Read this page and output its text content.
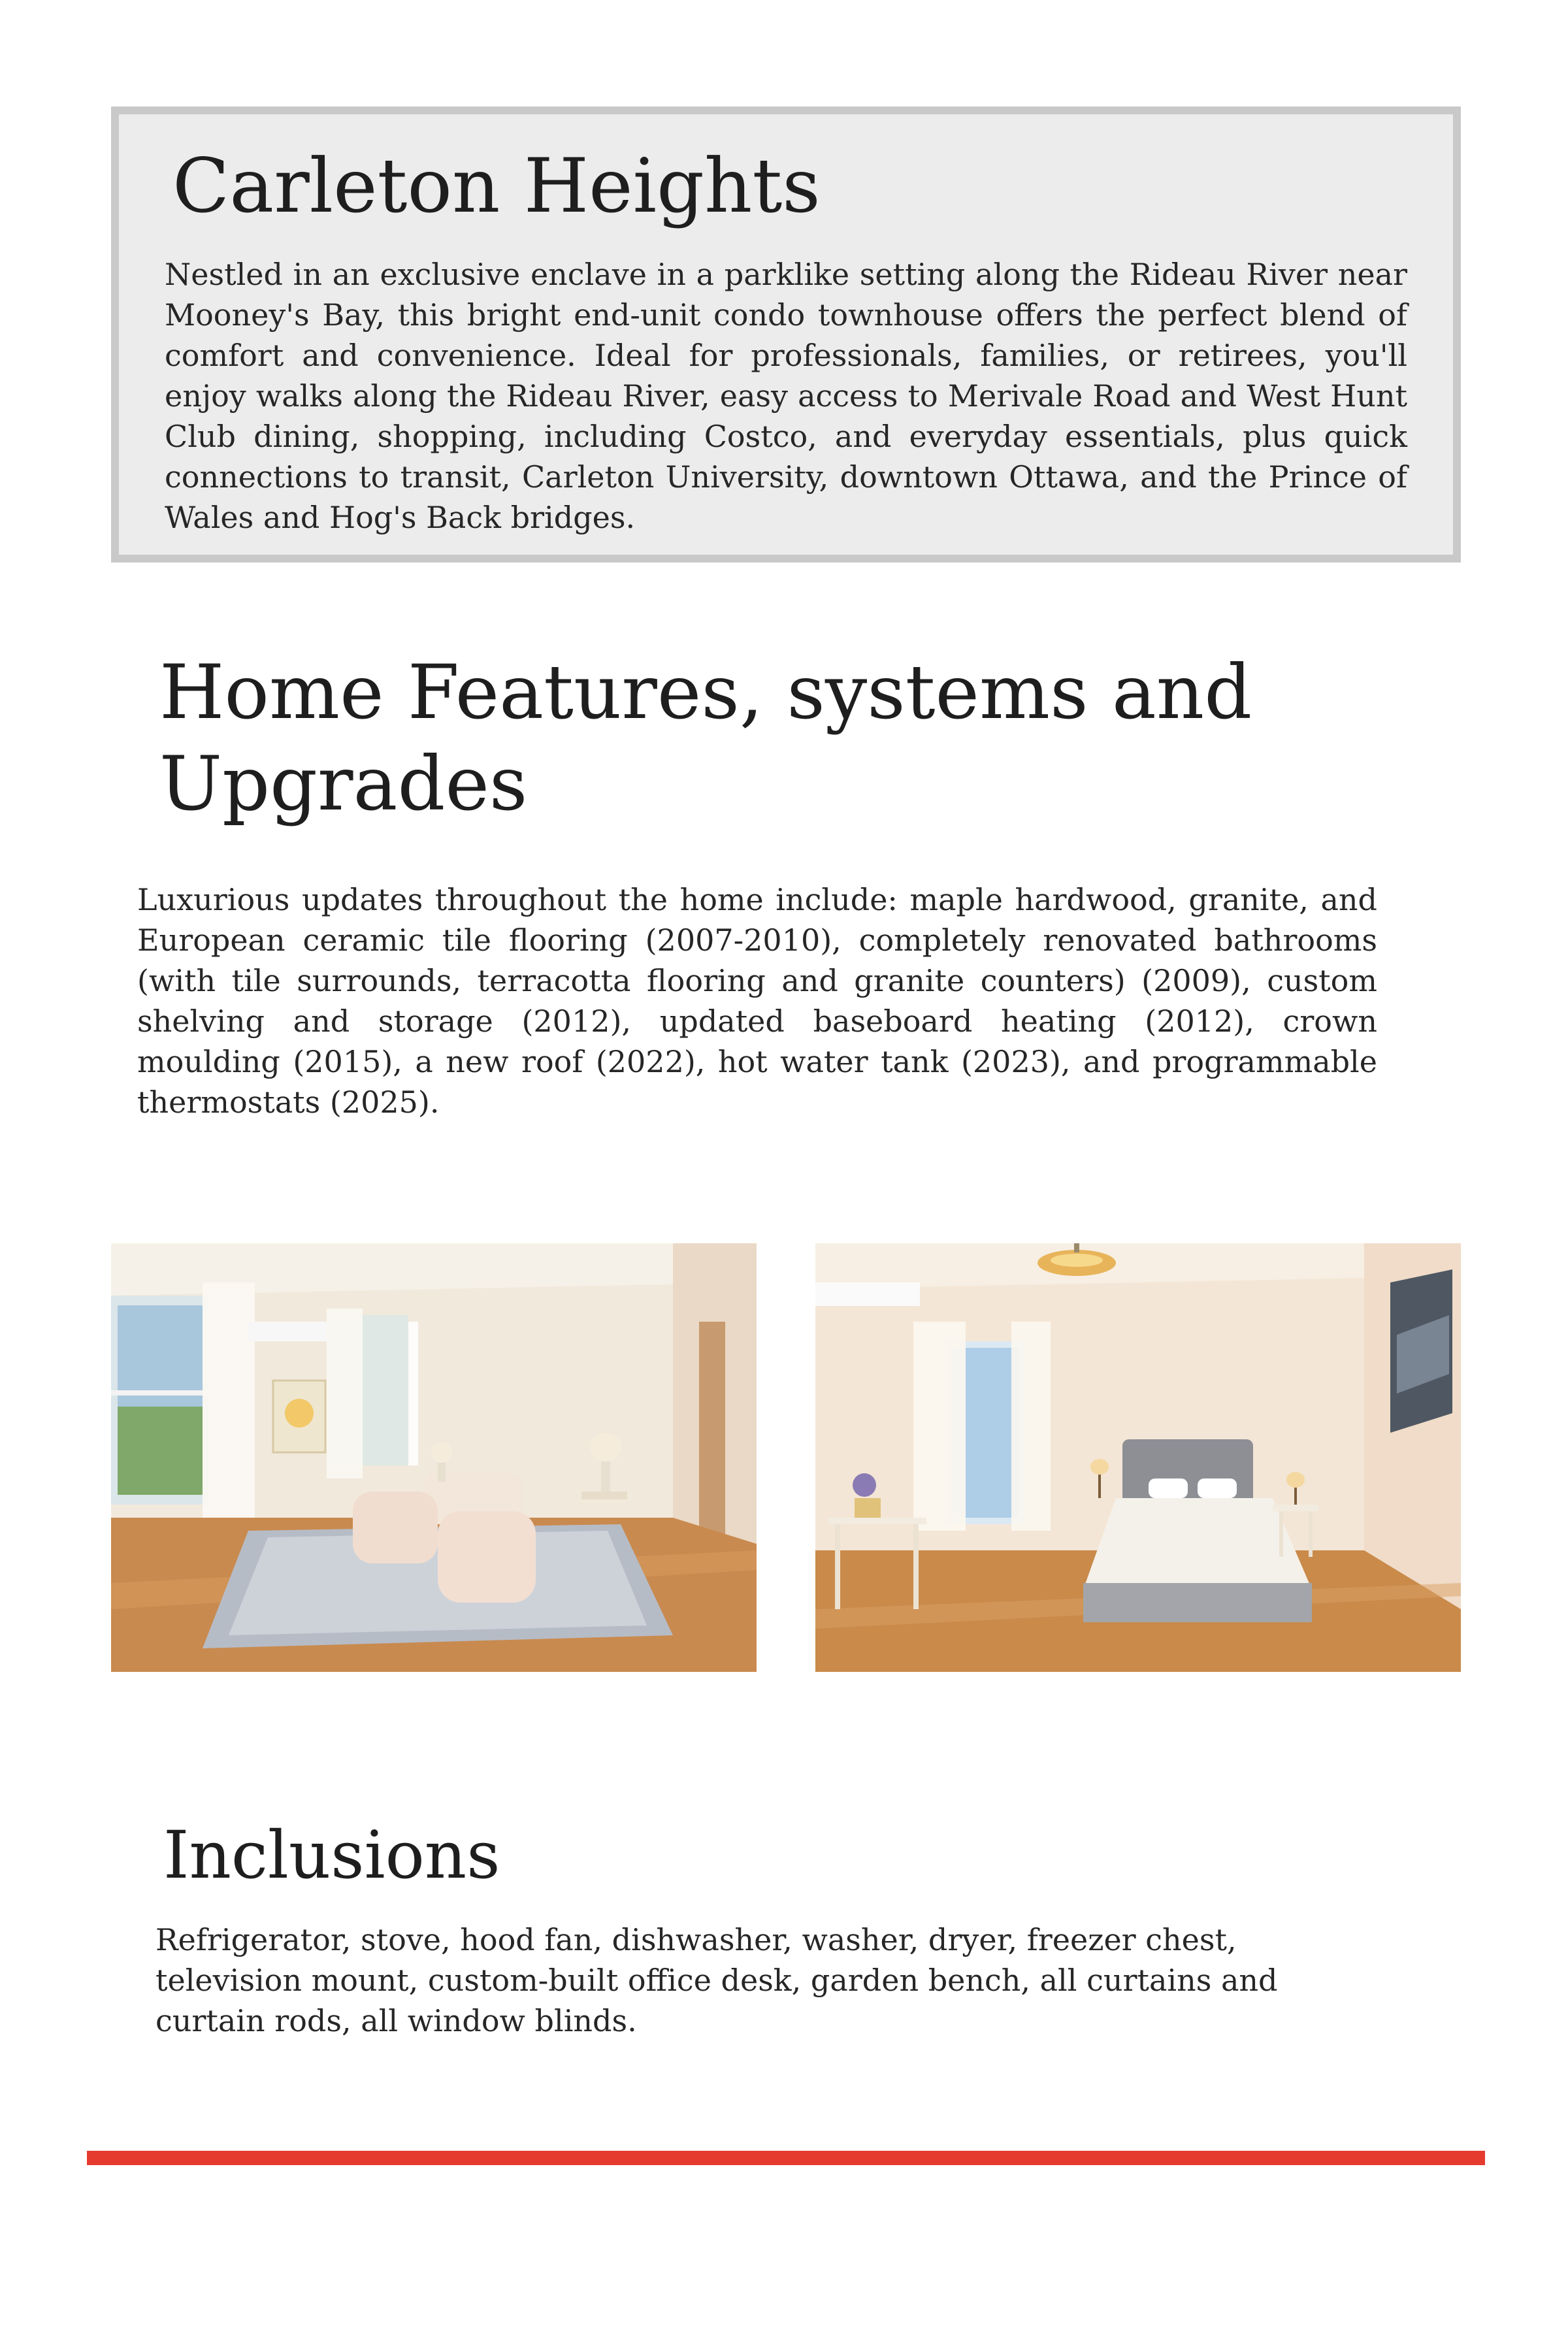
Carleton Heights

Nestled in an exclusive enclave in a parklike setting along the Rideau River near Mooney's Bay, this bright end-unit condo townhouse offers the perfect blend of comfort and convenience. Ideal for professionals, families, or retirees, you'll enjoy walks along the Rideau River, easy access to Merivale Road and West Hunt Club dining, shopping, including Costco, and everyday essentials, plus quick connections to transit, Carleton University, downtown Ottawa, and the Prince of Wales and Hog's Back bridges.

Home Features, systems and Upgrades

Luxurious updates throughout the home include: maple hardwood, granite, and European ceramic tile flooring (2007-2010), completely renovated bathrooms (with tile surrounds, terracotta flooring and granite counters) (2009), custom shelving and storage (2012), updated baseboard heating (2012), crown moulding (2015), a new roof (2022), hot water tank (2023), and programmable thermostats (2025).

Inclusions

Refrigerator, stove, hood fan, dishwasher, washer, dryer, freezer chest, television mount, custom-built office desk, garden bench, all curtains and curtain rods, all window blinds.
